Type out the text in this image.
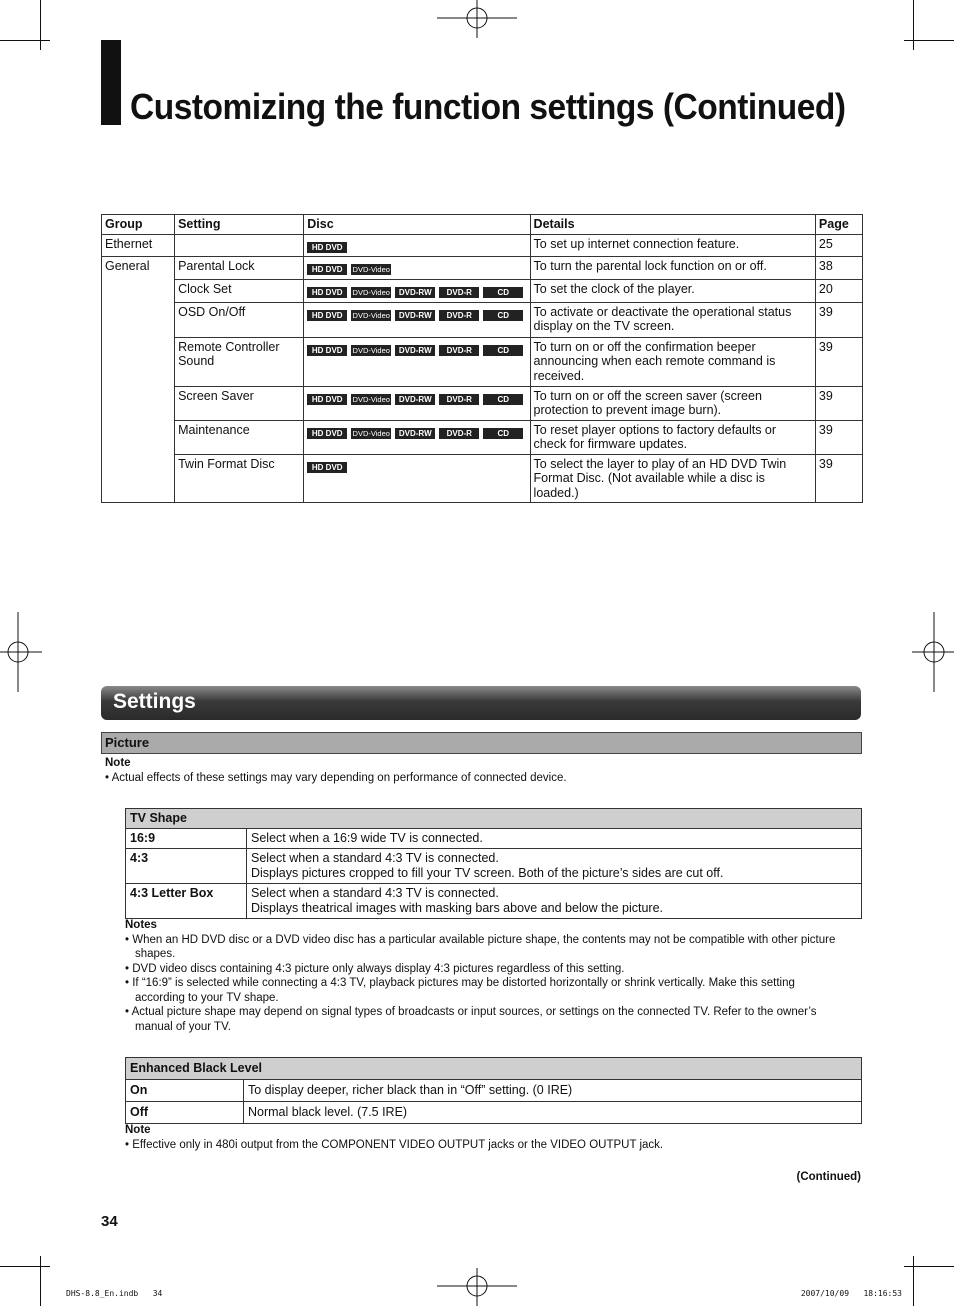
Customizing the function settings (Continued)
Group	Setting	Disc	Details	Page
Ethernet		HD DVD	To set up internet connection feature.	25
General	Parental Lock	HD DVD DVD-Video	To turn the parental lock function on or off.	38
	Clock Set	HD DVD DVD-Video DVD-RW DVD-R CD	To set the clock of the player.	20
	OSD On/Off	HD DVD DVD-Video DVD-RW DVD-R CD	To activate or deactivate the operational status display on the TV screen.	39
	Remote Controller Sound	HD DVD DVD-Video DVD-RW DVD-R CD	To turn on or off the confirmation beeper announcing when each remote command is received.	39
	Screen Saver	HD DVD DVD-Video DVD-RW DVD-R CD	To turn on or off the screen saver (screen protection to prevent image burn).	39
	Maintenance	HD DVD DVD-Video DVD-RW DVD-R CD	To reset player options to factory defaults or check for firmware updates.	39
	Twin Format Disc	HD DVD	To select the layer to play of an HD DVD Twin Format Disc. (Not available while a disc is loaded.)	39
Settings
Picture
Note
• Actual effects of these settings may vary depending on performance of connected device.
TV Shape	
16:9	Select when a 16:9 wide TV is connected.

4:3	Select when a standard 4:3 TV is connected.
Displays pictures cropped to fill your TV screen. Both of the picture’s sides are cut off.

4:3 Letter Box	Select when a standard 4:3 TV is connected.
Displays theatrical images with masking bars above and below the picture.
Notes
• When an HD DVD disc or a DVD video disc has a particular available picture shape, the contents may not be compatible with other picture shapes.
• DVD video discs containing 4:3 picture only always display 4:3 pictures regardless of this setting.
• If “16:9” is selected while connecting a 4:3 TV, playback pictures may be distorted horizontally or shrink vertically. Make this setting according to your TV shape.
• Actual picture shape may depend on signal types of broadcasts or input sources, or settings on the connected TV. Refer to the owner’s manual of your TV.
Enhanced Black Level	
On	To display deeper, richer black than in “Off” setting. (0 IRE)
Off	Normal black level. (7.5 IRE)
Note
• Effective only in 480i output from the COMPONENT VIDEO OUTPUT jacks or the VIDEO OUTPUT jack.
(Continued)
34
DHS-8.8_En.indb   34	2007/10/09   18:16:53
